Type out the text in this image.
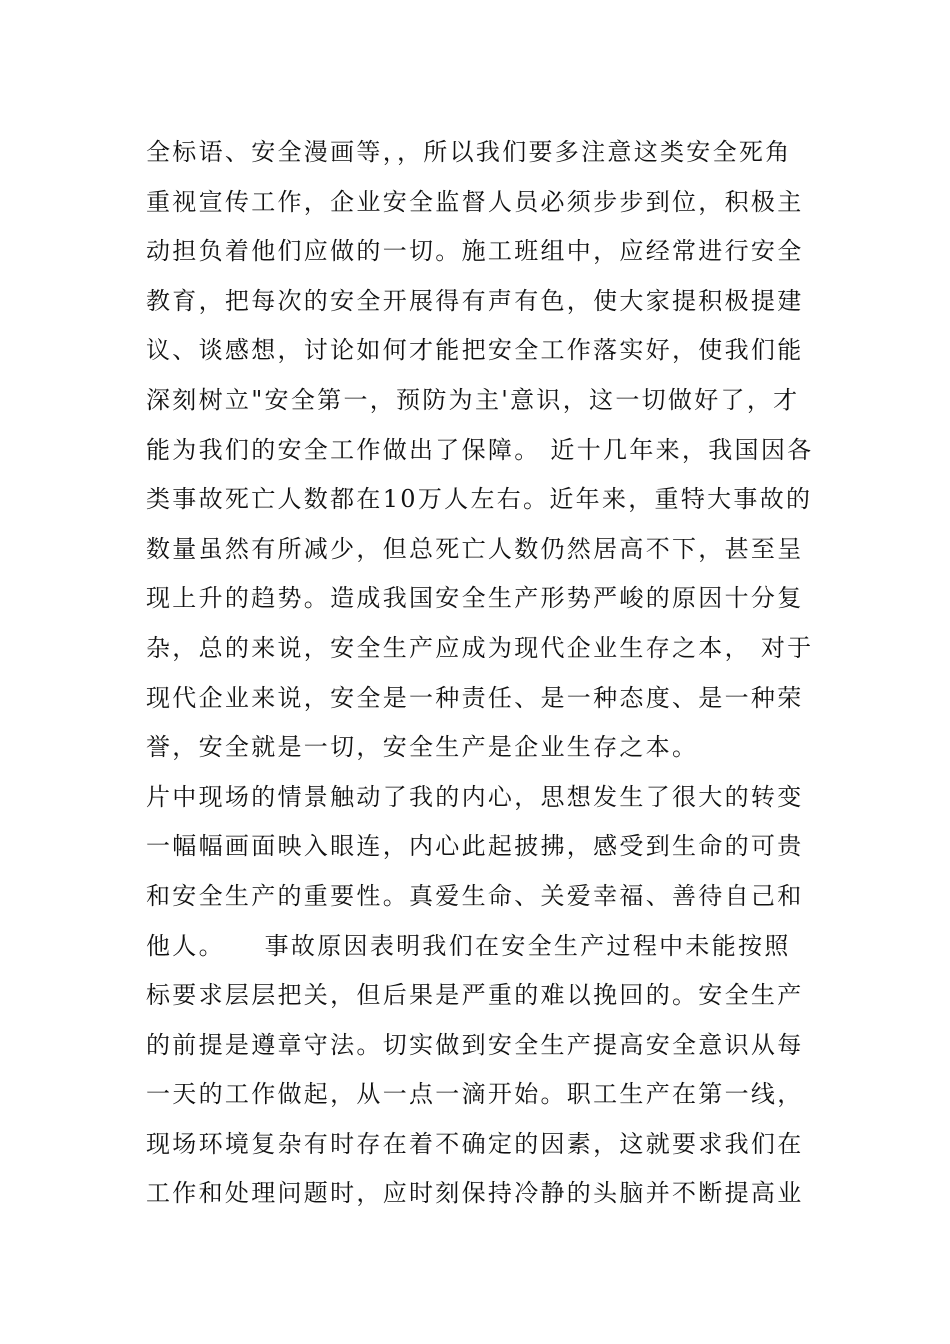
全标语、安全漫画等，，所以我们要多注意这类安全死角
重视宣传工作，企业安全监督人员必须步步到位，积极主
动担负着他们应做的一切。施工班组中，应经常进行安全
教育，把每次的安全开展得有声有色，使大家提积极提建
议、谈感想，讨论如何才能把安全工作落实好，使我们能
深刻树立"安全第一，预防为主'意识，这一切做好了，才
能为我们的安全工作做出了保障。 近十几年来，我国因各
类事故死亡人数都在10万人左右。近年来，重特大事故的
数量虽然有所减少，但总死亡人数仍然居高不下，甚至呈
现上升的趋势。造成我国安全生产形势严峻的原因十分复
杂，总的来说，安全生产应成为现代企业生存之本， 对于
现代企业来说，安全是一种责任、是一种态度、是一种荣
誉，安全就是一切，安全生产是企业生存之本。
片中现场的情景触动了我的内心，思想发生了很大的转变
一幅幅画面映入眼连，内心此起披拂，感受到生命的可贵
和安全生产的重要性。真爱生命、关爱幸福、善待自己和
他人。    事故原因表明我们在安全生产过程中未能按照
标要求层层把关，但后果是严重的难以挽回的。安全生产
的前提是遵章守法。切实做到安全生产提高安全意识从每
一天的工作做起，从一点一滴开始。职工生产在第一线，
现场环境复杂有时存在着不确定的因素，这就要求我们在
工作和处理问题时，应时刻保持冷静的头脑并不断提高业
